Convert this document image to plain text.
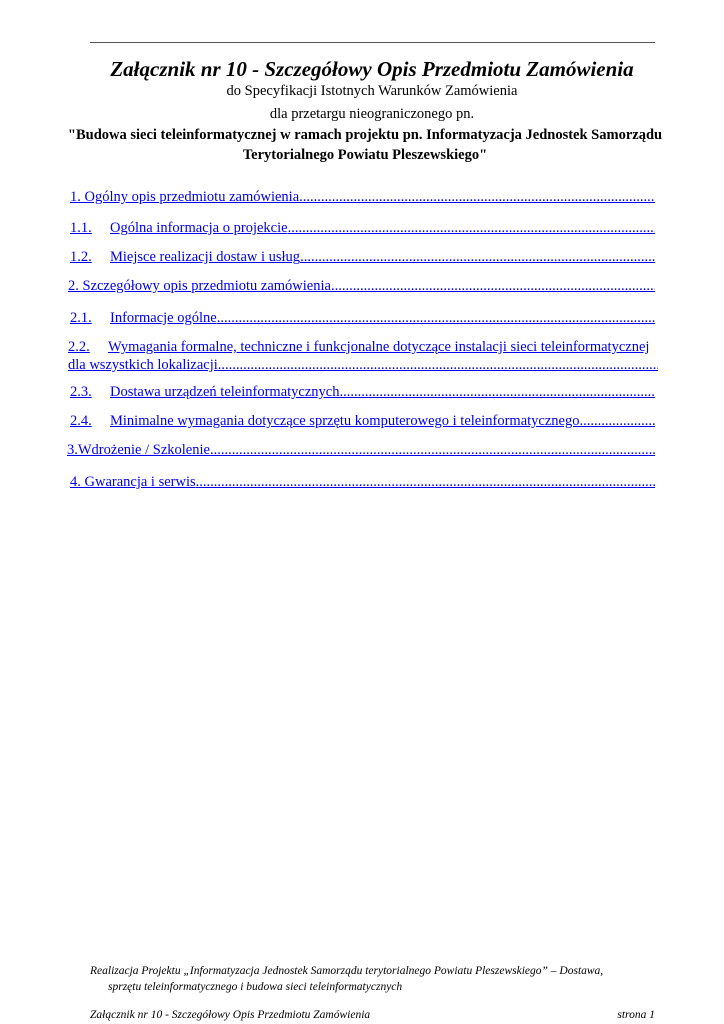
Załącznik nr 10 - Szczegółowy Opis Przedmiotu Zamówienia
do Specyfikacji Istotnych Warunków Zamówienia
dla przetargu nieograniczonego pn.
"Budowa sieci teleinformatycznej w ramach projektu pn. Informatyzacja Jednostek Samorządu
Terytorialnego Powiatu Pleszewskiego"
1. Ogólny opis przedmiotu zamówienia
.....
1.1.	Ogólna informacja o projekcie
.....
1.2.	Miejsce realizacji dostaw i usług
.....
2. Szczegółowy opis przedmiotu zamówienia
.....
2.1.	Informacje ogólne
.....
2.2.	Wymagania formalne, techniczne i funkcjonalne dotyczące instalacji sieci teleinformatycznej
dla wszystkich lokalizacji
.....
2.3.	Dostawa urządzeń teleinformatycznych
.....
2.4.	Minimalne wymagania dotyczące sprzętu komputerowego i teleinformatycznego
.....
3.Wdrożenie / Szkolenie
.....
4. Gwarancja i serwis
.....
Realizacja Projektu „Informatyzacja Jednostek Samorządu terytorialnego Powiatu Pleszewskiego” – Dostawa,
sprzętu teleinformatycznego i budowa sieci teleinformatycznych
Załącznik nr 10 - Szczegółowy Opis Przedmiotu Zamówienia	strona 1
